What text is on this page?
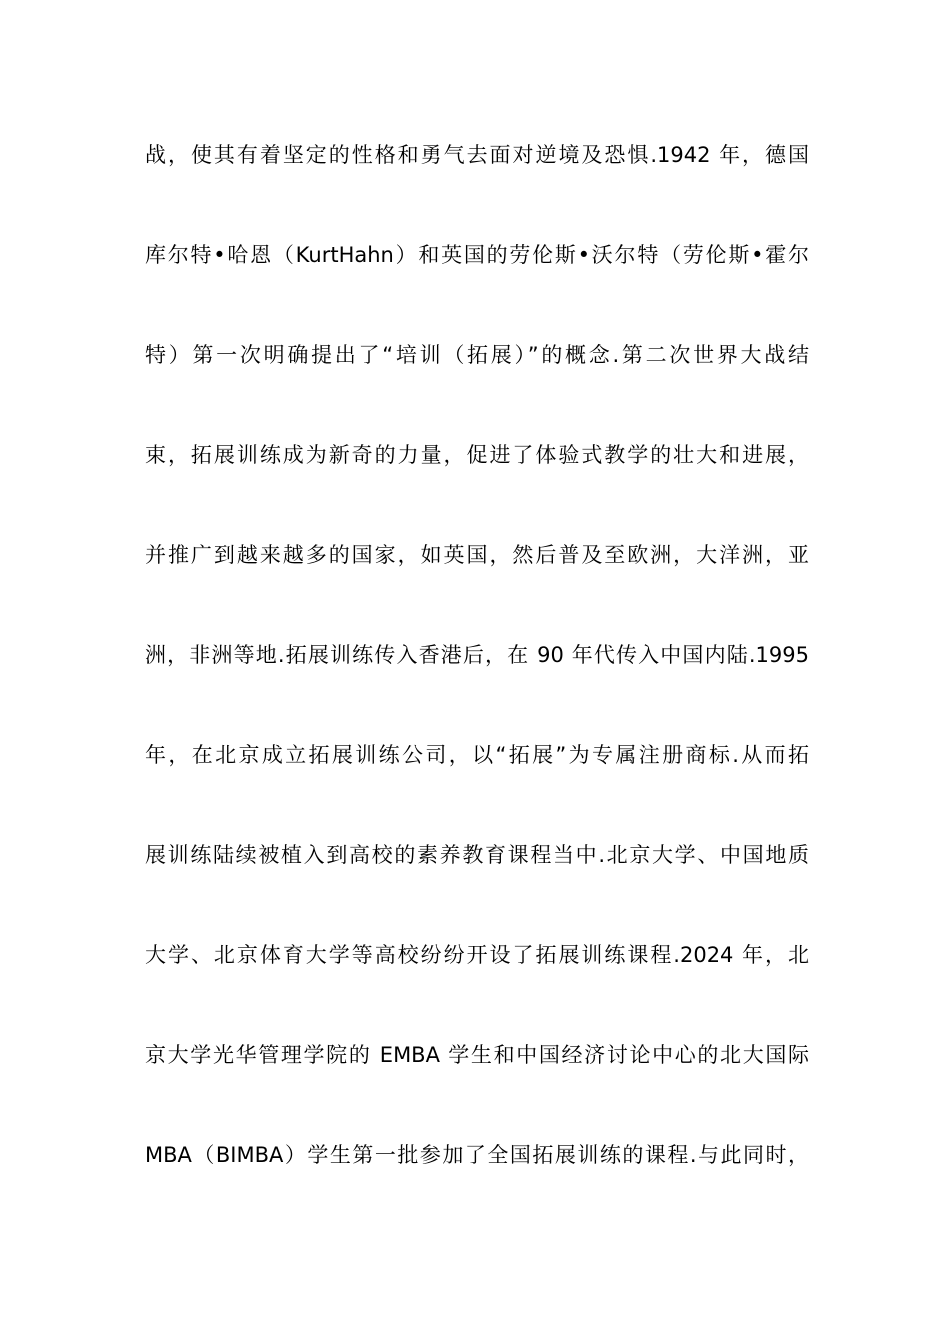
战，使其有着坚定的性格和勇气去面对逆境及恐惧.1942 年，德国
库尔特•哈恩（KurtHahn）和英国的劳伦斯•沃尔特（劳伦斯•霍尔
特）第一次明确提出了“培训（拓展）”的概念.第二次世界大战结
束，拓展训练成为新奇的力量，促进了体验式教学的壮大和进展，
并推广到越来越多的国家，如英国，然后普及至欧洲，大洋洲，亚
洲，非洲等地.拓展训练传入香港后，在 90 年代传入中国内陆.1995
年，在北京成立拓展训练公司，以“拓展”为专属注册商标.从而拓
展训练陆续被植入到高校的素养教育课程当中.北京大学、中国地质
大学、北京体育大学等高校纷纷开设了拓展训练课程.2024 年，北
京大学光华管理学院的 EMBA 学生和中国经济讨论中心的北大国际
MBA（BIMBA）学生第一批参加了全国拓展训练的课程.与此同时，
